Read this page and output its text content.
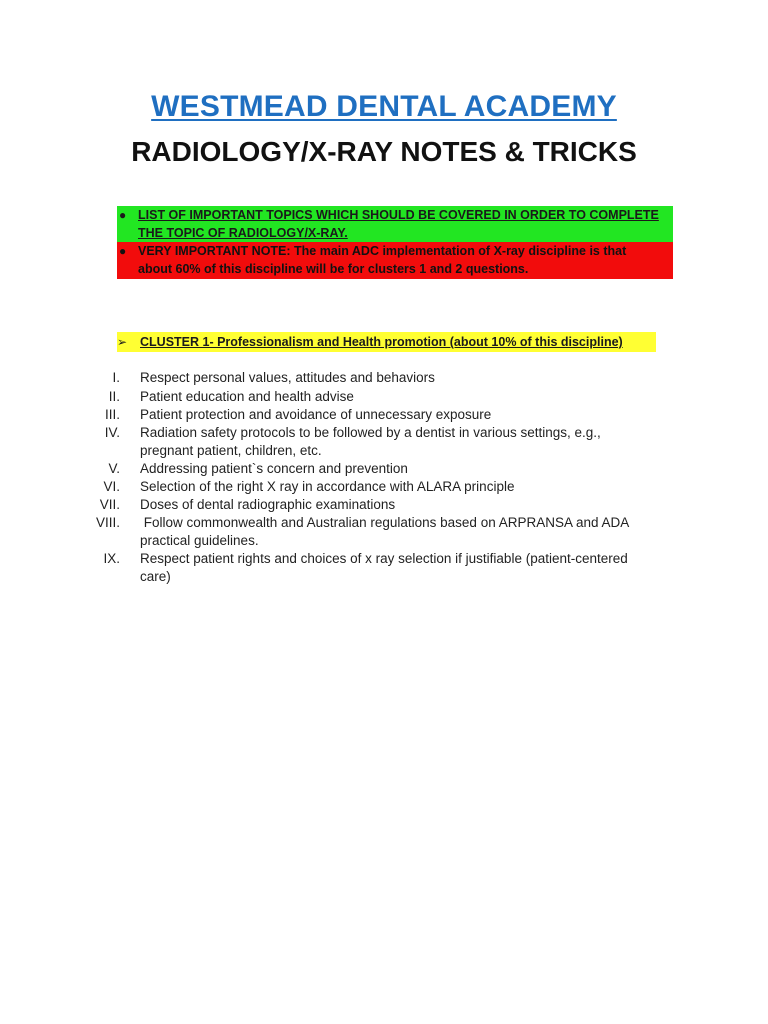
WESTMEAD DENTAL ACADEMY
RADIOLOGY/X-RAY NOTES & TRICKS
● LIST OF IMPORTANT TOPICS WHICH SHOULD BE COVERED IN ORDER TO COMPLETE
THE TOPIC OF RADIOLOGY/X-RAY.
● VERY IMPORTANT NOTE: The main ADC implementation of X-ray discipline is that
about 60% of this discipline will be for clusters 1 and 2 questions.
➢ CLUSTER 1- Professionalism and Health promotion (about 10% of this discipline)
I. Respect personal values, attitudes and behaviors
II. Patient education and health advise
III. Patient protection and avoidance of unnecessary exposure
IV. Radiation safety protocols to be followed by a dentist in various settings, e.g.,
pregnant patient, children, etc.
V. Addressing patient`s concern and prevention
VI. Selection of the right X ray in accordance with ALARA principle
VII. Doses of dental radiographic examinations
VIII. Follow commonwealth and Australian regulations based on ARPRANSA and ADA
practical guidelines.
IX. Respect patient rights and choices of x ray selection if justifiable (patient-centered
care)
